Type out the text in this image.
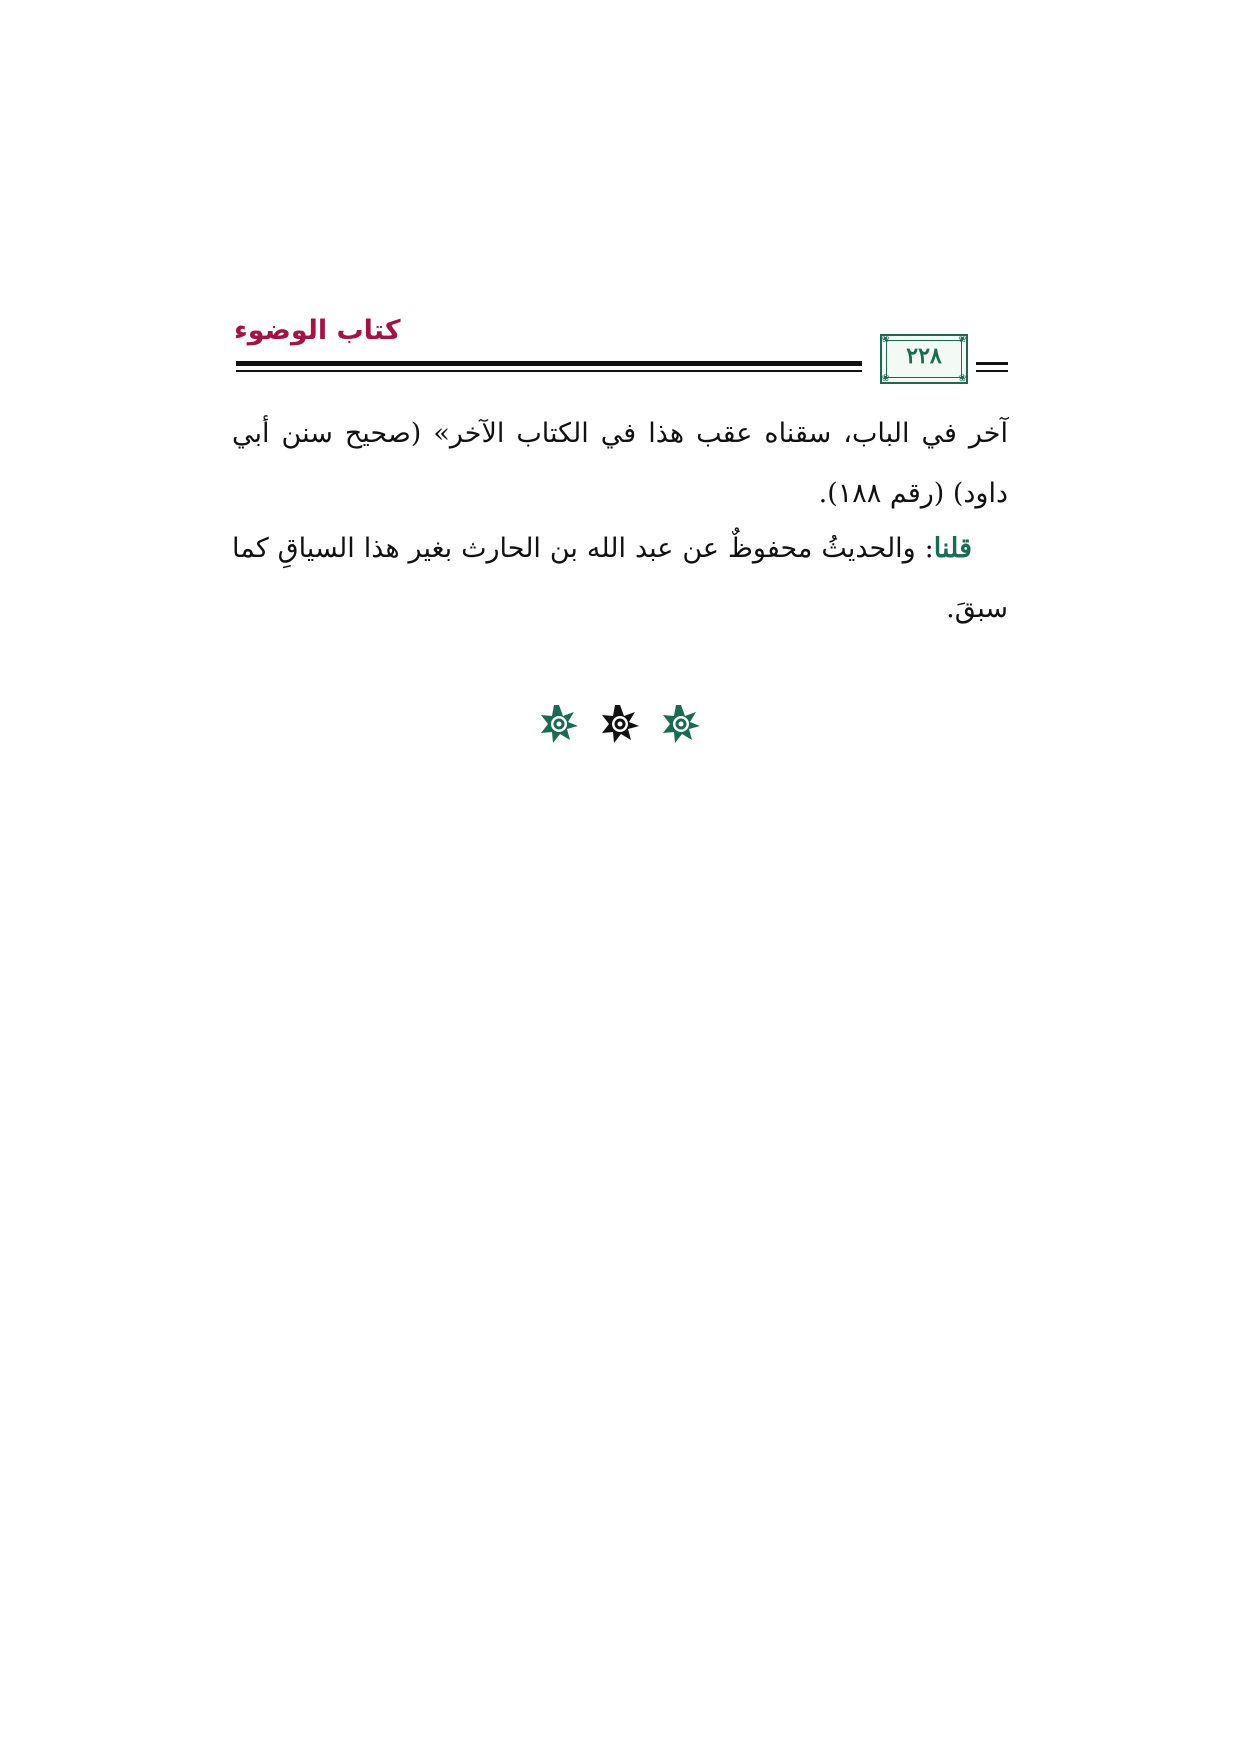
كتاب الوضوء	❀	❀
❀	❀
٢٢٨
آخر في الباب، سقناه عقب هذا في الكتاب الآخر» (صحيح سنن أبي داود) (رقم ١٨٨).
قلنا: والحديثُ محفوظٌ عن عبد الله بن الحارث بغير هذا السياقِ كما سبقَ.
